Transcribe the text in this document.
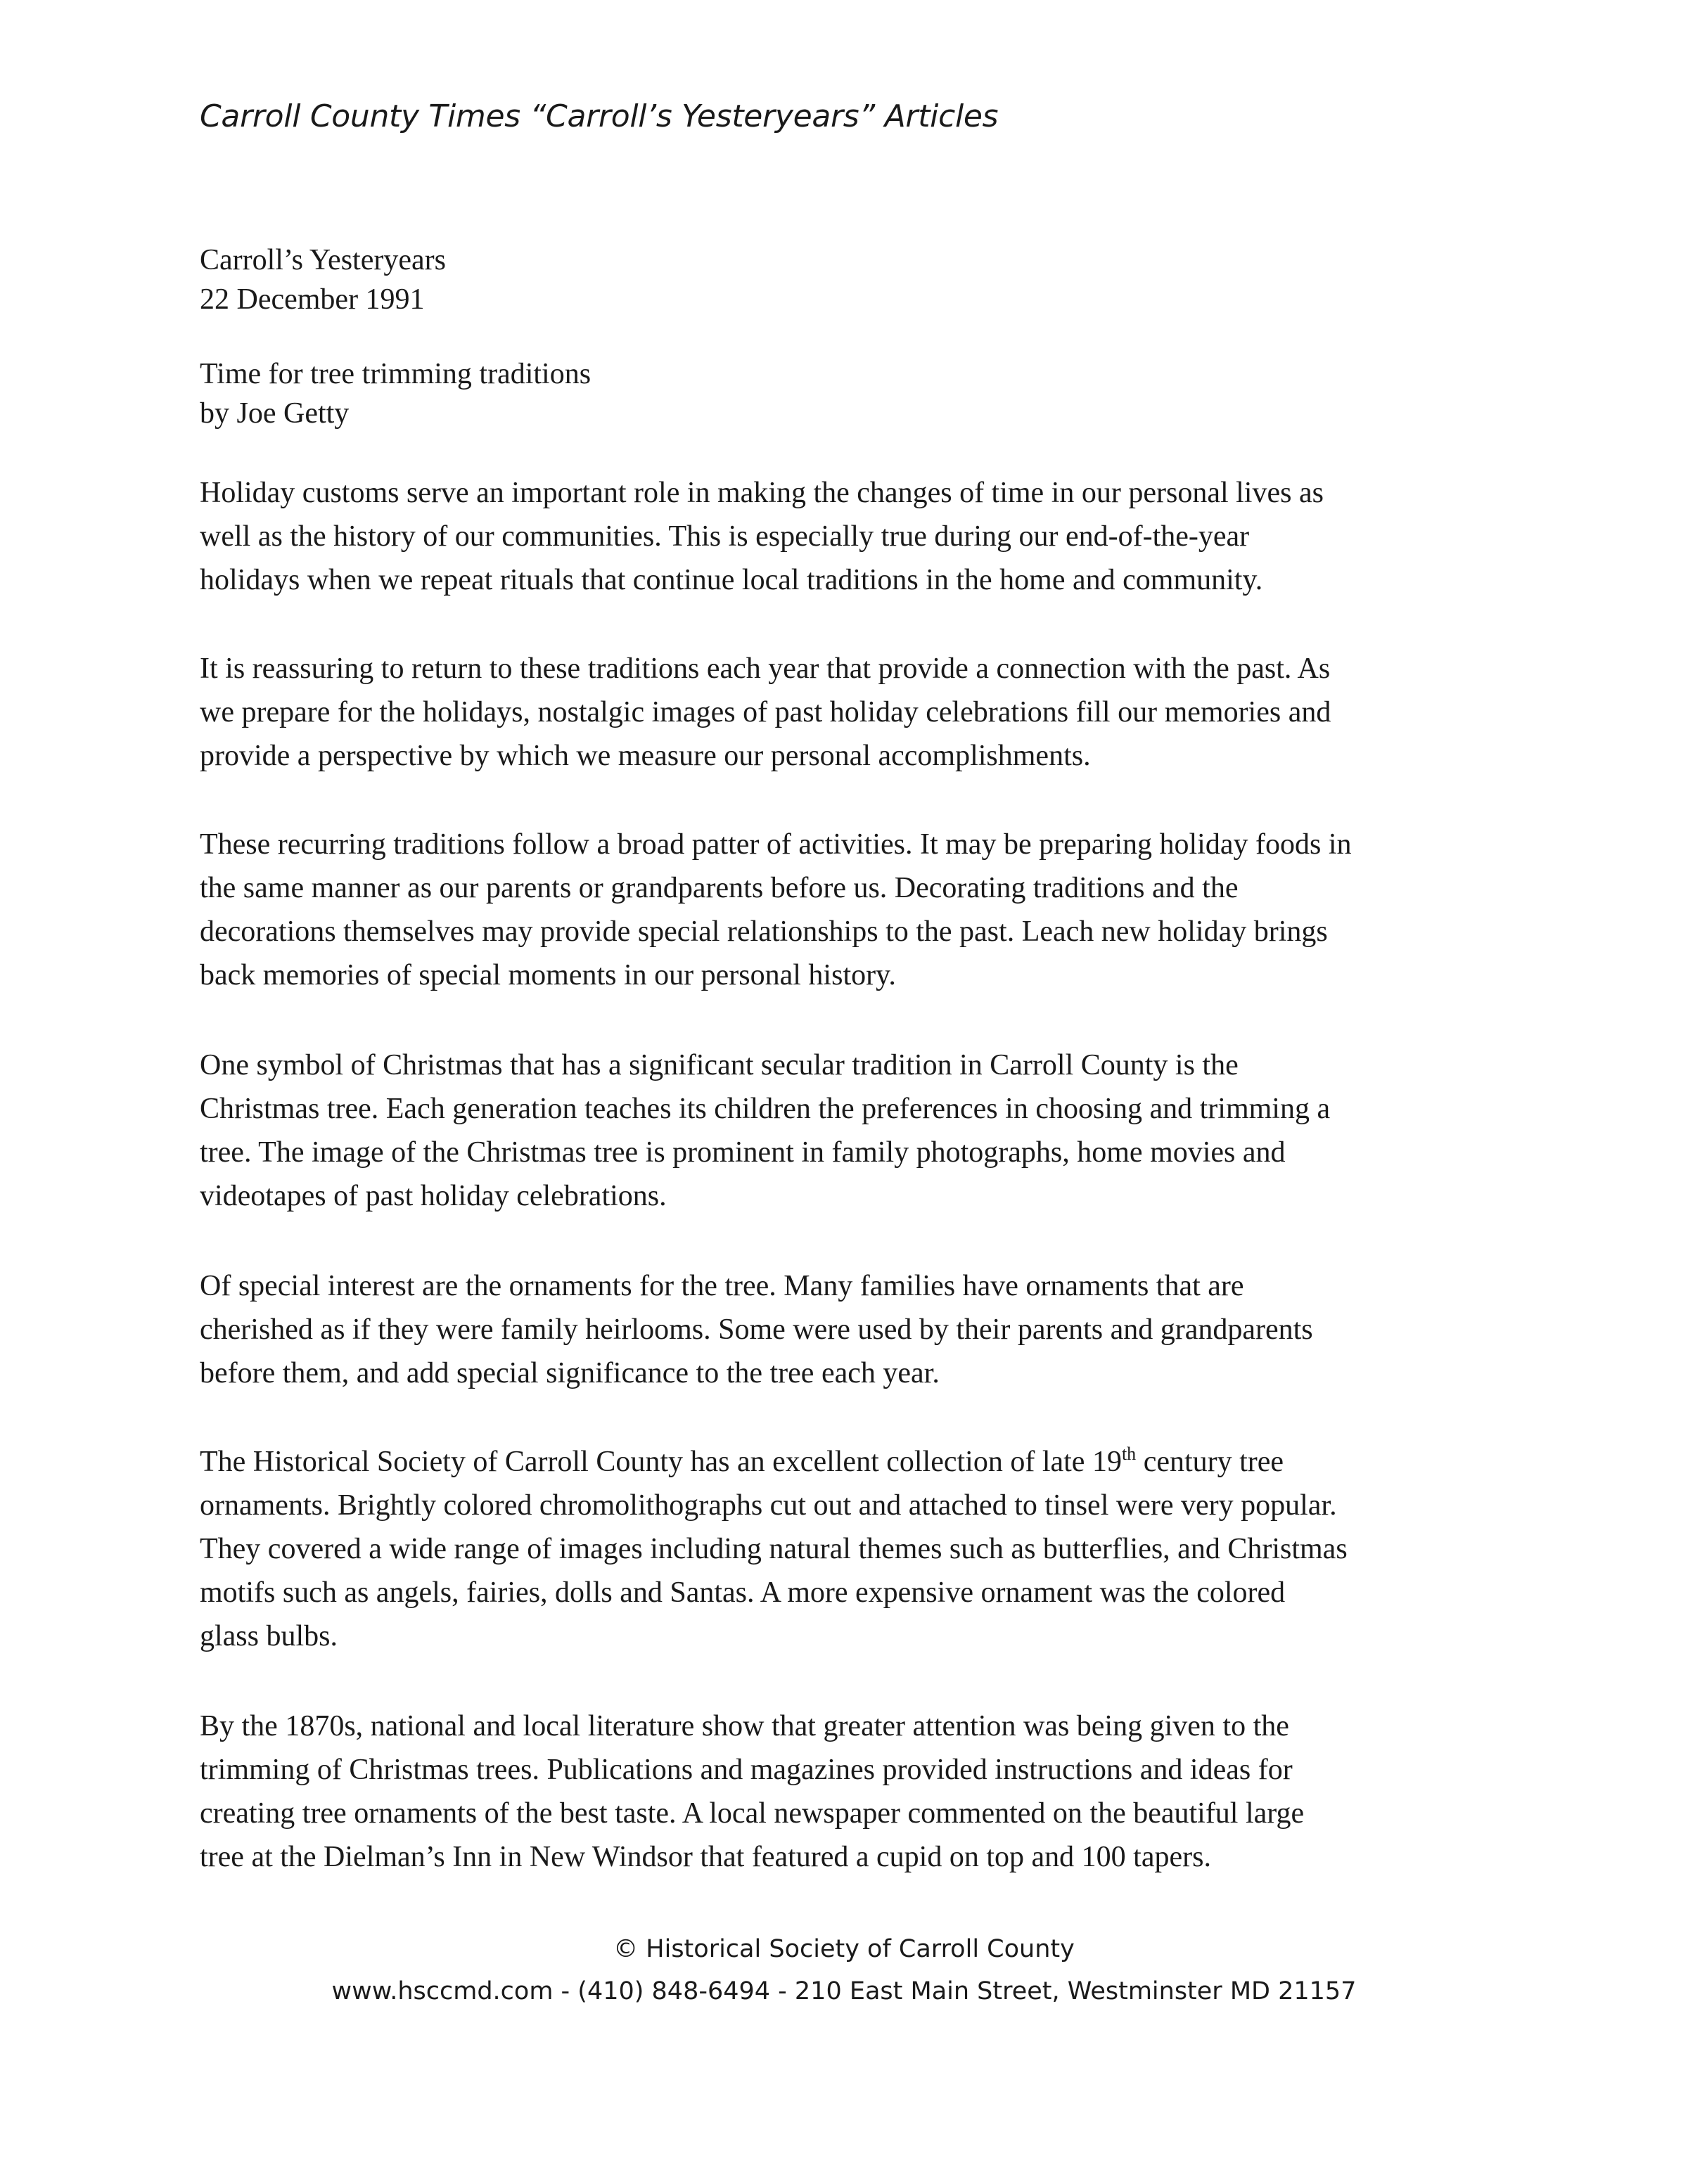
Carroll County Times “Carroll’s Yesteryears” Articles
Carroll’s Yesteryears
22 December 1991
Time for tree trimming traditions
by Joe Getty
Holiday customs serve an important role in making the changes of time in our personal lives as
well as the history of our communities. This is especially true during our end-of-the-year
holidays when we repeat rituals that continue local traditions in the home and community.
It is reassuring to return to these traditions each year that provide a connection with the past. As
we prepare for the holidays, nostalgic images of past holiday celebrations fill our memories and
provide a perspective by which we measure our personal accomplishments.
These recurring traditions follow a broad patter of activities. It may be preparing holiday foods in
the same manner as our parents or grandparents before us. Decorating traditions and the
decorations themselves may provide special relationships to the past. Leach new holiday brings
back memories of special moments in our personal history.
One symbol of Christmas that has a significant secular tradition in Carroll County is the
Christmas tree. Each generation teaches its children the preferences in choosing and trimming a
tree. The image of the Christmas tree is prominent in family photographs, home movies and
videotapes of past holiday celebrations.
Of special interest are the ornaments for the tree. Many families have ornaments that are
cherished as if they were family heirlooms. Some were used by their parents and grandparents
before them, and add special significance to the tree each year.
The Historical Society of Carroll County has an excellent collection of late 19th century tree
ornaments. Brightly colored chromolithographs cut out and attached to tinsel were very popular.
They covered a wide range of images including natural themes such as butterflies, and Christmas
motifs such as angels, fairies, dolls and Santas. A more expensive ornament was the colored
glass bulbs.
By the 1870s, national and local literature show that greater attention was being given to the
trimming of Christmas trees. Publications and magazines provided instructions and ideas for
creating tree ornaments of the best taste. A local newspaper commented on the beautiful large
tree at the Dielman’s Inn in New Windsor that featured a cupid on top and 100 tapers.
© Historical Society of Carroll County
www.hsccmd.com - (410) 848-6494 - 210 East Main Street, Westminster MD 21157
